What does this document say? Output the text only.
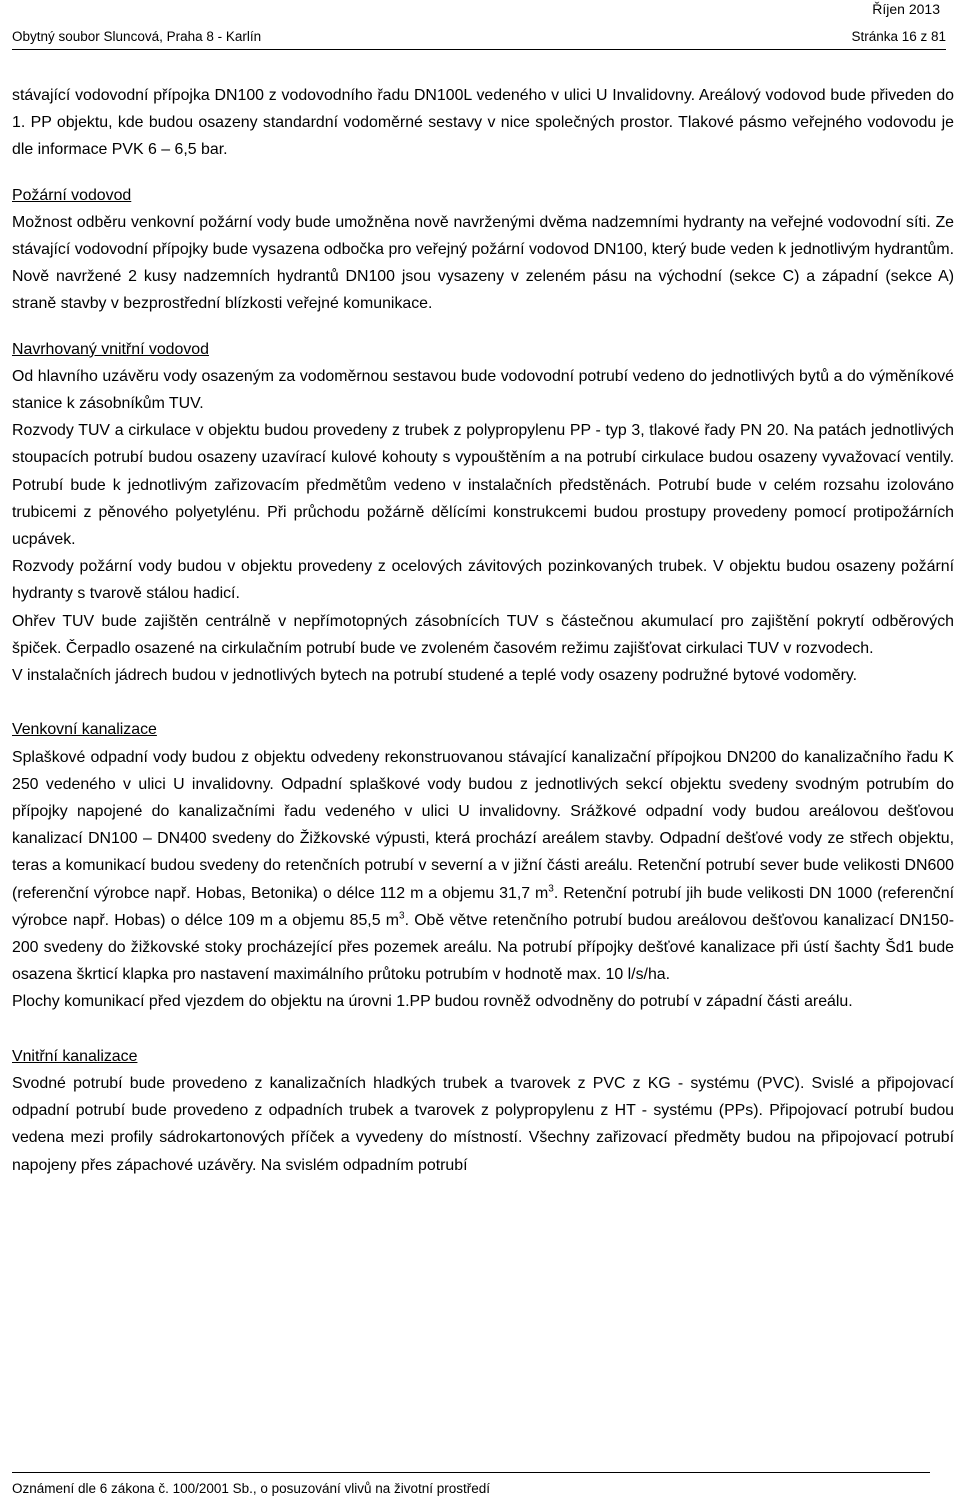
Říjen 2013
Obytný soubor Sluncová, Praha 8 - Karlín	Stránka 16 z 81

stávající vodovodní přípojka DN100 z vodovodního řadu DN100L vedeného v ulici U Invalidovny. Areálový vodovod bude přiveden do 1. PP objektu, kde budou osazeny standardní vodoměrné sestavy v nice společných prostor. Tlakové pásmo veřejného vodovodu je dle informace PVK 6 – 6,5 bar.

Požární vodovod

Možnost odběru venkovní požární vody bude umožněna nově navrženými dvěma nadzemními hydranty na veřejné vodovodní síti. Ze stávající vodovodní přípojky bude vysazena odbočka pro veřejný požární vodovod DN100, který bude veden k jednotlivým hydrantům. Nově navržené 2 kusy nadzemních hydrantů DN100 jsou vysazeny v zeleném pásu na východní (sekce C) a západní (sekce A) straně stavby v bezprostřední blízkosti veřejné komunikace.

Navrhovaný vnitřní vodovod

Od hlavního uzávěru vody osazeným za vodoměrnou sestavou bude vodovodní potrubí vedeno do jednotlivých bytů a do výměníkové stanice k zásobníkům TUV.

Rozvody TUV a cirkulace v objektu budou provedeny z trubek z polypropylenu PP - typ 3, tlakové řady PN 20. Na patách jednotlivých stoupacích potrubí budou osazeny uzavírací kulové kohouty s vypouštěním a na potrubí cirkulace budou osazeny vyvažovací ventily. Potrubí bude k jednotlivým zařizovacím předmětům vedeno v instalačních předstěnách. Potrubí bude v celém rozsahu izolováno trubicemi z pěnového polyetylénu. Při průchodu požárně dělícími konstrukcemi budou prostupy provedeny pomocí protipožárních ucpávek.

Rozvody požární vody budou v objektu provedeny z ocelových závitových pozinkovaných trubek. V objektu budou osazeny požární hydranty s tvarově stálou hadicí.

Ohřev TUV bude zajištěn centrálně v nepřímotopných zásobnících TUV s částečnou akumulací pro zajištění pokrytí odběrových špiček. Čerpadlo osazené na cirkulačním potrubí bude ve zvoleném časovém režimu zajišťovat cirkulaci TUV v rozvodech.

V instalačních jádrech budou v jednotlivých bytech na potrubí studené a teplé vody osazeny podružné bytové vodoměry.

Venkovní kanalizace

Splaškové odpadní vody budou z objektu odvedeny rekonstruovanou stávající kanalizační přípojkou DN200 do kanalizačního řadu K 250 vedeného v ulici U invalidovny. Odpadní splaškové vody budou z jednotlivých sekcí objektu svedeny svodným potrubím do přípojky napojené do kanalizačními řadu vedeného v ulici U invalidovny. Srážkové odpadní vody budou areálovou dešťovou kanalizací DN100 – DN400 svedeny do Žižkovské výpusti, která prochází areálem stavby. Odpadní dešťové vody ze střech objektu, teras a komunikací budou svedeny do retenčních potrubí v severní a v jižní části areálu. Retenční potrubí sever bude velikosti DN600 (referenční výrobce např. Hobas, Betonika) o délce 112 m a objemu 31,7 $m^3$. Retenční potrubí jih bude velikosti DN 1000 (referenční výrobce např. Hobas) o délce 109 m a objemu 85,5 $m^3$. Obě větve retenčního potrubí budou areálovou dešťovou kanalizací DN150-200 svedeny do žižkovské stoky procházející přes pozemek areálu. Na potrubí přípojky dešťové kanalizace při ústí šachty Šd1 bude osazena škrticí klapka pro nastavení maximálního průtoku potrubím v hodnotě max. 10 l/s/ha.

Plochy komunikací před vjezdem do objektu na úrovni 1.PP budou rovněž odvodněny do potrubí v západní části areálu.

Vnitřní kanalizace

Svodné potrubí bude provedeno z kanalizačních hladkých trubek a tvarovek z PVC z KG - systému (PVC). Svislé a připojovací odpadní potrubí bude provedeno z odpadních trubek a tvarovek z polypropylenu z HT - systému (PPs). Připojovací potrubí budou vedena mezi profily sádrokartonových příček a vyvedeny do místností. Všechny zařizovací předměty budou na připojovací potrubí napojeny přes zápachové uzávěry. Na svislém odpadním potrubí

Oznámení dle 6 zákona č. 100/2001 Sb., o posuzování vlivů na životní prostředí
